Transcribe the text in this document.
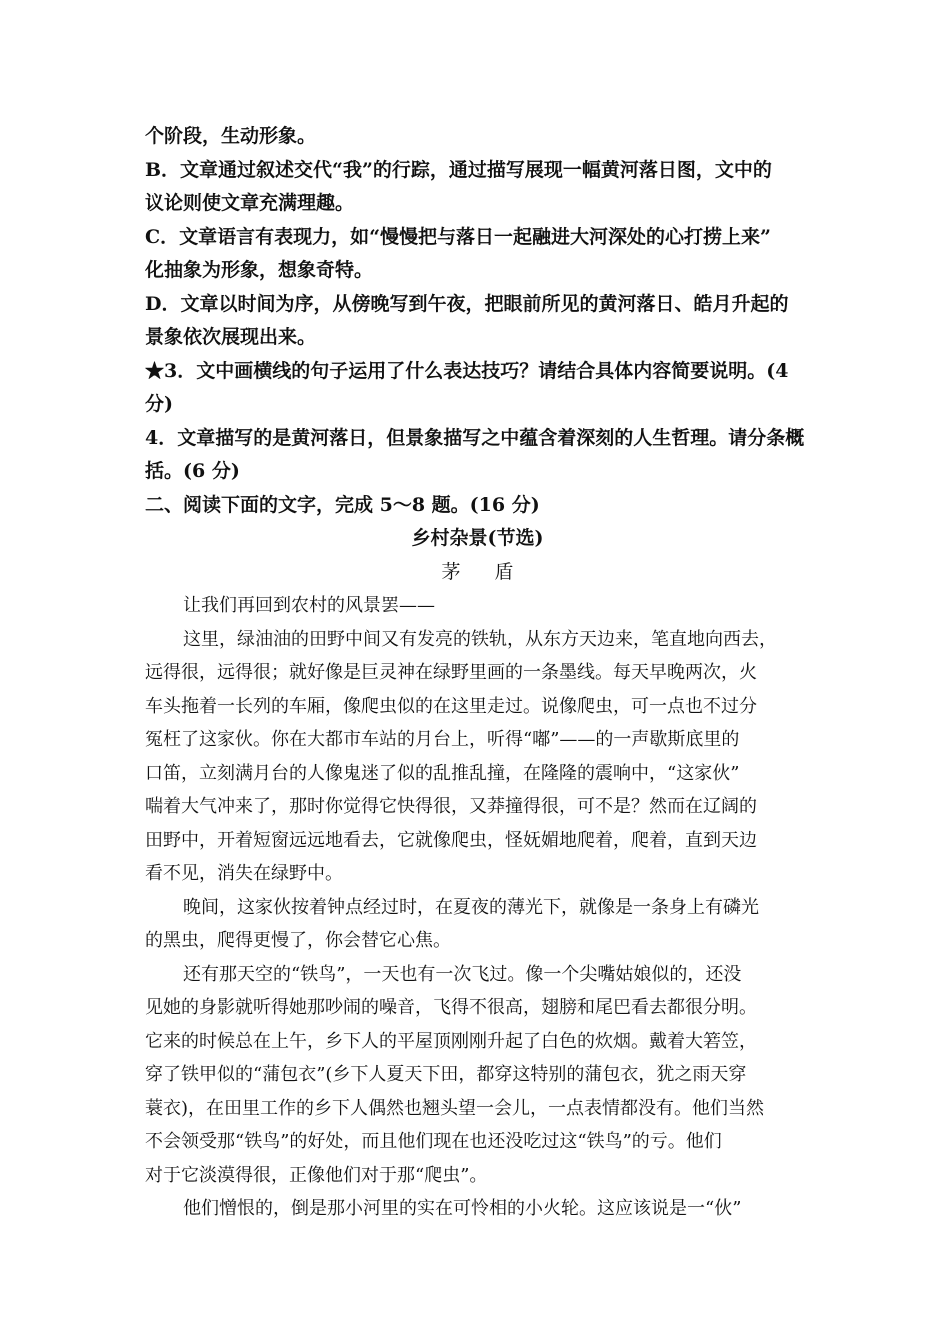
个阶段，生动形象。
B．文章通过叙述交代“我”的行踪，通过描写展现一幅黄河落日图，文中的
议论则使文章充满理趣。
C．文章语言有表现力，如“慢慢把与落日一起融进大河深处的心打捞上来”
化抽象为形象，想象奇特。
D．文章以时间为序，从傍晚写到午夜，把眼前所见的黄河落日、皓月升起的
景象依次展现出来。
★3．文中画横线的句子运用了什么表达技巧？请结合具体内容简要说明。(4
分)
4．文章描写的是黄河落日，但景象描写之中蕴含着深刻的人生哲理。请分条概
括。(6 分)
二、阅读下面的文字，完成 5～8 题。(16 分)
乡村杂景(节选)
茅 盾
让我们再回到农村的风景罢——
这里，绿油油的田野中间又有发亮的铁轨，从东方天边来，笔直地向西去，
远得很，远得很；就好像是巨灵神在绿野里画的一条墨线。每天早晚两次，火
车头拖着一长列的车厢，像爬虫似的在这里走过。说像爬虫，可一点也不过分
冤枉了这家伙。你在大都市车站的月台上，听得“嘟”——的一声歇斯底里的
口笛，立刻满月台的人像鬼迷了似的乱推乱撞，在隆隆的震响中，“这家伙”
喘着大气冲来了，那时你觉得它快得很，又莽撞得很，可不是？然而在辽阔的
田野中，开着短窗远远地看去，它就像爬虫，怪妩媚地爬着，爬着，直到天边
看不见，消失在绿野中。
晚间，这家伙按着钟点经过时，在夏夜的薄光下，就像是一条身上有磷光
的黑虫，爬得更慢了，你会替它心焦。
还有那天空的“铁鸟”，一天也有一次飞过。像一个尖嘴姑娘似的，还没
见她的身影就听得她那吵闹的噪音，飞得不很高，翅膀和尾巴看去都很分明。
它来的时候总在上午，乡下人的平屋顶刚刚升起了白色的炊烟。戴着大箬笠，
穿了铁甲似的“蒲包衣”(乡下人夏天下田，都穿这特别的蒲包衣，犹之雨天穿
蓑衣)，在田里工作的乡下人偶然也翘头望一会儿，一点表情都没有。他们当然
不会领受那“铁鸟”的好处，而且他们现在也还没吃过这“铁鸟”的亏。他们
对于它淡漠得很，正像他们对于那“爬虫”。
他们憎恨的，倒是那小河里的实在可怜相的小火轮。这应该说是一“伙”
